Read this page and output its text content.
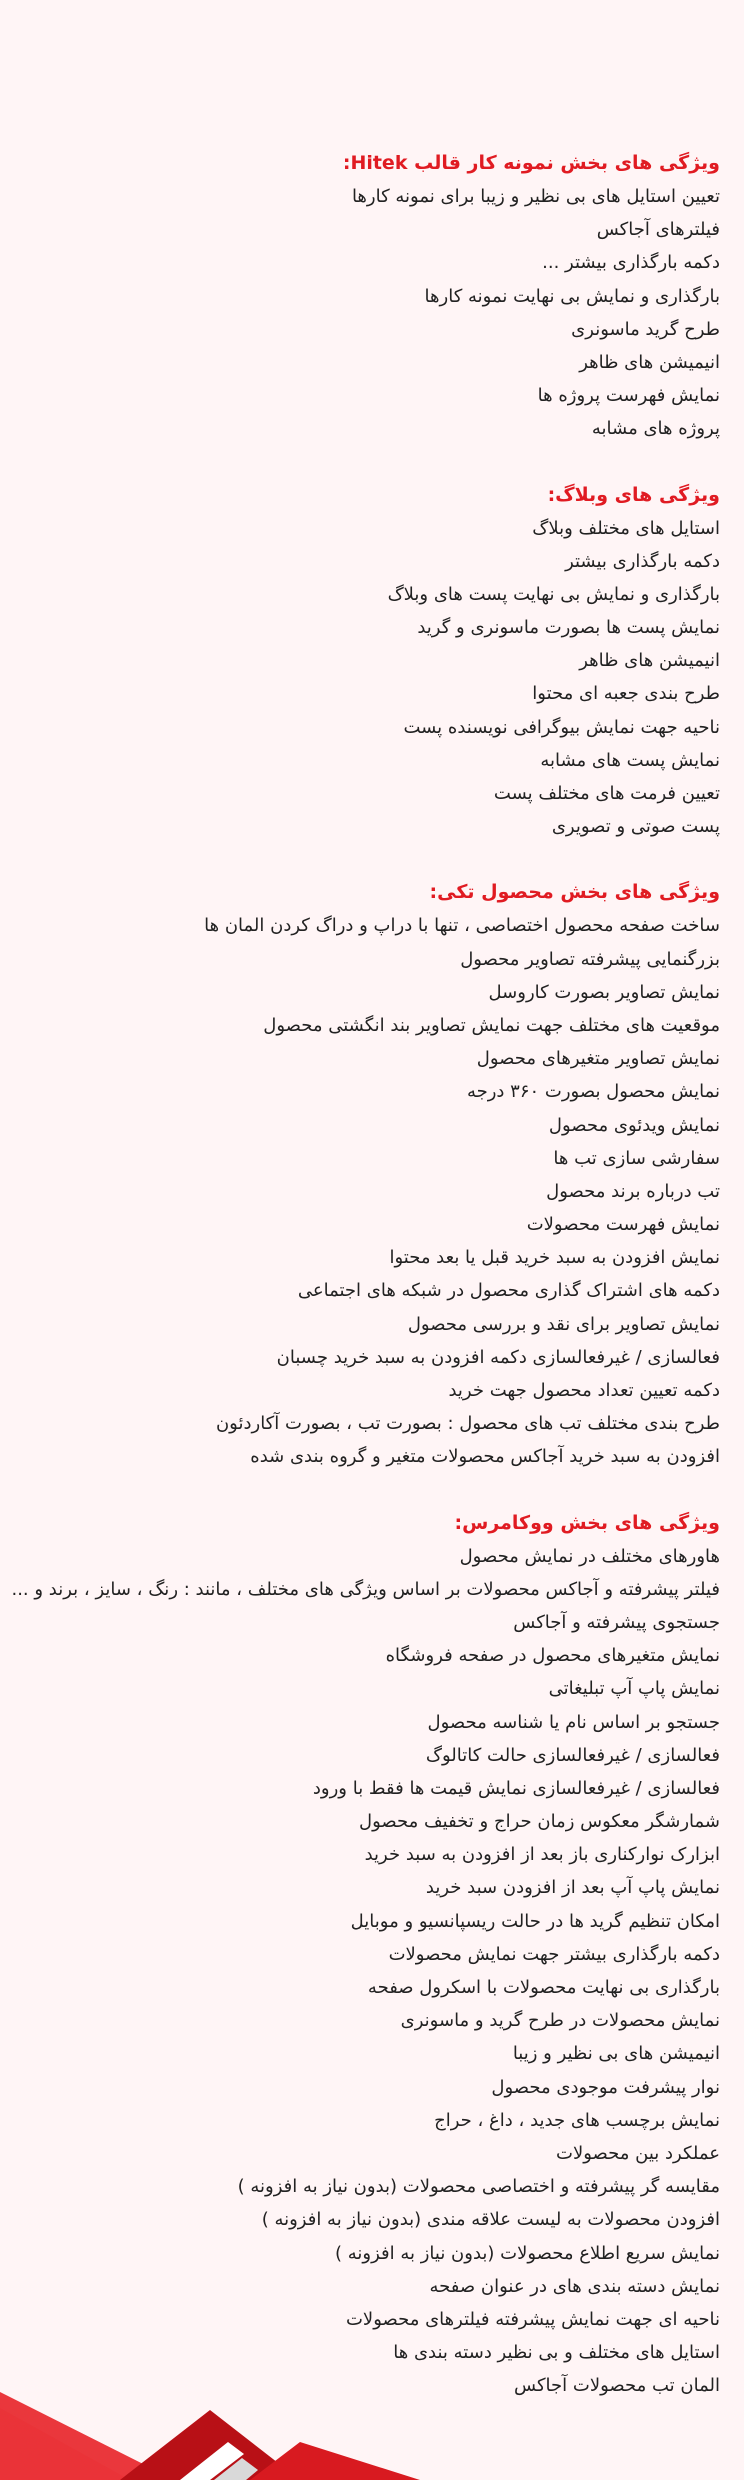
ویژگی های بخش نمونه کار قالب Hitek:
تعیین استایل های بی نظیر و زیبا برای نمونه کارها
فیلترهای آجاکس
دکمه بارگذاری بیشتر ...
بارگذاری و نمایش بی نهایت نمونه کارها
طرح گرید ماسونری
انیمیشن های ظاهر
نمایش فهرست پروژه ها
پروژه های مشابه
ویژگی های وبلاگ:
استایل های مختلف وبلاگ
دکمه بارگذاری بیشتر
بارگذاری و نمایش بی نهایت پست های وبلاگ
نمایش پست ها بصورت ماسونری و گرید
انیمیشن های ظاهر
طرح بندی جعبه ای محتوا
ناحیه جهت نمایش بیوگرافی نویسنده پست
نمایش پست های مشابه
تعیین فرمت های مختلف پست
پست صوتی و تصویری
ویژگی های بخش محصول تکی:
ساخت صفحه محصول اختصاصی ، تنها با دراپ و دراگ کردن المان ها
بزرگنمایی پیشرفته تصاویر محصول
نمایش تصاویر بصورت کاروسل
موقعیت های مختلف جهت نمایش تصاویر بند انگشتی محصول
نمایش تصاویر متغیرهای محصول
نمایش محصول بصورت ۳۶۰ درجه
نمایش ویدئوی محصول
سفارشی سازی تب ها
تب درباره برند محصول
نمایش فهرست محصولات
نمایش افزودن به سبد خرید قبل یا بعد محتوا
دکمه های اشتراک گذاری محصول در شبکه های اجتماعی
نمایش تصاویر برای نقد و بررسی محصول
فعالسازی / غیرفعالسازی دکمه افزودن به سبد خرید چسبان
دکمه تعیین تعداد محصول جهت خرید
طرح بندی مختلف تب های محصول : بصورت تب ، بصورت آکاردئون
افزودن به سبد خرید آجاکس محصولات متغیر و گروه بندی شده
ویژگی های بخش ووکامرس:
هاورهای مختلف در نمایش محصول
فیلتر پیشرفته و آجاکس محصولات بر اساس ویژگی های مختلف ، مانند : رنگ ، سایز ، برند و ...
جستجوی پیشرفته و آجاکس
نمایش متغیرهای محصول در صفحه فروشگاه
نمایش پاپ آپ تبلیغاتی
جستجو بر اساس نام یا شناسه محصول
فعالسازی / غیرفعالسازی حالت کاتالوگ
فعالسازی / غیرفعالسازی نمایش قیمت ها فقط با ورود
شمارشگر معکوس زمان حراج و تخفیف محصول
ابزارک نوارکناری باز بعد از افزودن به سبد خرید
نمایش پاپ آپ بعد از افزودن سبد خرید
امکان تنظیم گرید ها در حالت ریسپانسیو و موبایل
دکمه بارگذاری بیشتر جهت نمایش محصولات
بارگذاری بی نهایت محصولات با اسکرول صفحه
نمایش محصولات در طرح گرید و ماسونری
انیمیشن های بی نظیر و زیبا
نوار پیشرفت موجودی محصول
نمایش برچسب های جدید ، داغ ، حراج
عملکرد بین محصولات
مقایسه گر پیشرفته و اختصاصی محصولات (بدون نیاز به افزونه )
افزودن محصولات به لیست علاقه مندی (بدون نیاز به افزونه )
نمایش سریع اطلاع محصولات (بدون نیاز به افزونه )
نمایش دسته بندی های در عنوان صفحه
ناحیه ای جهت نمایش پیشرفته فیلترهای محصولات
استایل های مختلف و بی نظیر دسته بندی ها
المان تب محصولات آجاکس
